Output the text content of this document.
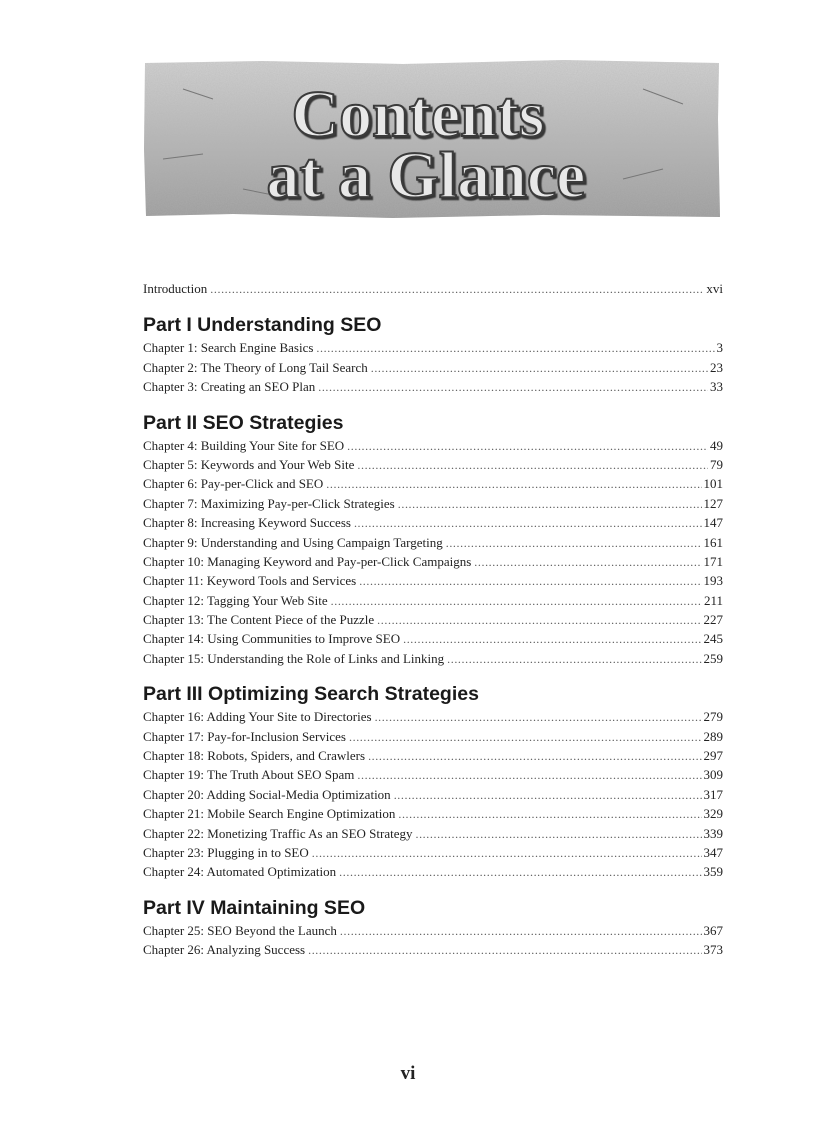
Contents
at a Glance
Introduction .....	xvi
Part I Understanding SEO
Chapter 1: Search Engine Basics .....	3
Chapter 2: The Theory of Long Tail Search .....	23
Chapter 3: Creating an SEO Plan .....	33
Part II SEO Strategies
Chapter 4: Building Your Site for SEO .....	49
Chapter 5: Keywords and Your Web Site .....	79
Chapter 6: Pay-per-Click and SEO .....	101
Chapter 7: Maximizing Pay-per-Click Strategies .....	127
Chapter 8: Increasing Keyword Success .....	147
Chapter 9: Understanding and Using Campaign Targeting .....	161
Chapter 10: Managing Keyword and Pay-per-Click Campaigns .....	171
Chapter 11: Keyword Tools and Services .....	193
Chapter 12: Tagging Your Web Site .....	211
Chapter 13: The Content Piece of the Puzzle .....	227
Chapter 14: Using Communities to Improve SEO .....	245
Chapter 15: Understanding the Role of Links and Linking .....	259
Part III Optimizing Search Strategies
Chapter 16: Adding Your Site to Directories .....	279
Chapter 17: Pay-for-Inclusion Services .....	289
Chapter 18: Robots, Spiders, and Crawlers .....	297
Chapter 19: The Truth About SEO Spam .....	309
Chapter 20: Adding Social-Media Optimization .....	317
Chapter 21: Mobile Search Engine Optimization .....	329
Chapter 22: Monetizing Traffic As an SEO Strategy .....	339
Chapter 23: Plugging in to SEO .....	347
Chapter 24: Automated Optimization .....	359
Part IV Maintaining SEO
Chapter 25: SEO Beyond the Launch .....	367
Chapter 26: Analyzing Success .....	373
vi
